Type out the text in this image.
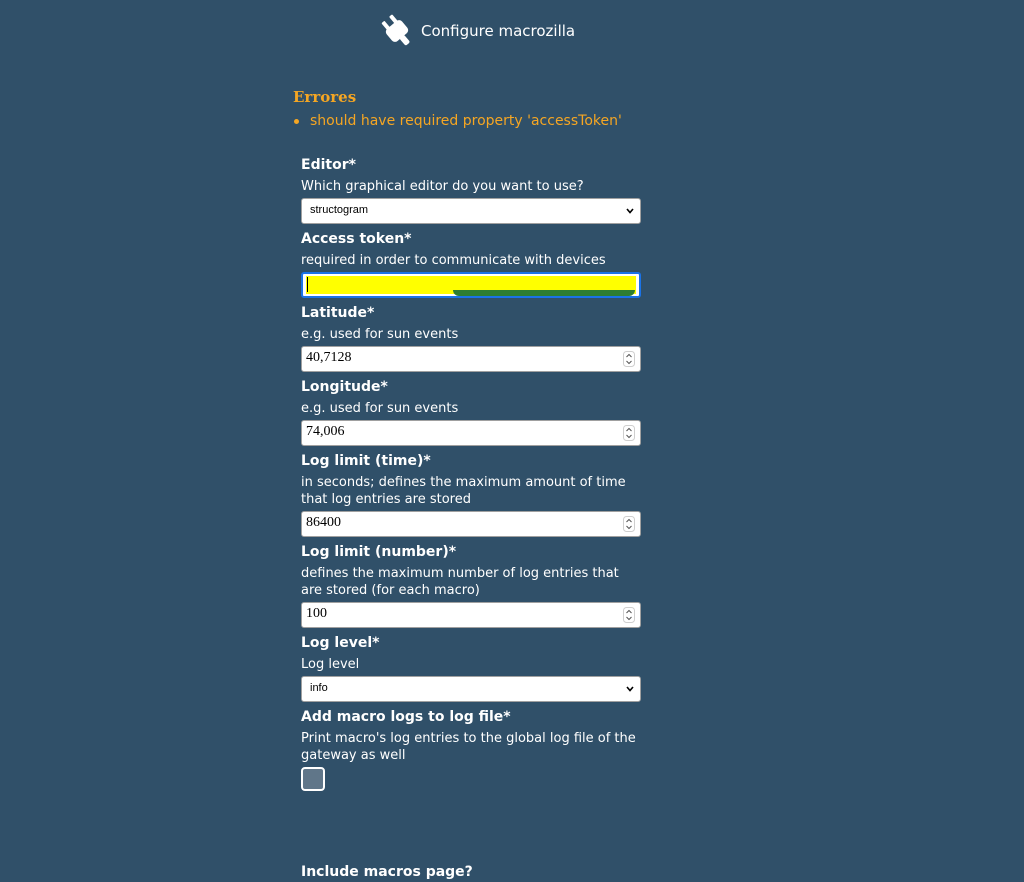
Configure macrozilla
Errores
should have required property 'accessToken'
Editor*
Which graphical editor do you want to use?
structogram
Access token*
required in order to communicate with devices
Latitude*
e.g. used for sun events
40,7128
Longitude*
e.g. used for sun events
74,006
Log limit (time)*
in seconds; defines the maximum amount of time that log entries are stored
86400
Log limit (number)*
defines the maximum number of log entries that are stored (for each macro)
100
Log level*
Log level
info
Add macro logs to log file*
Print macro's log entries to the global log file of the gateway as well
Include macros page?
